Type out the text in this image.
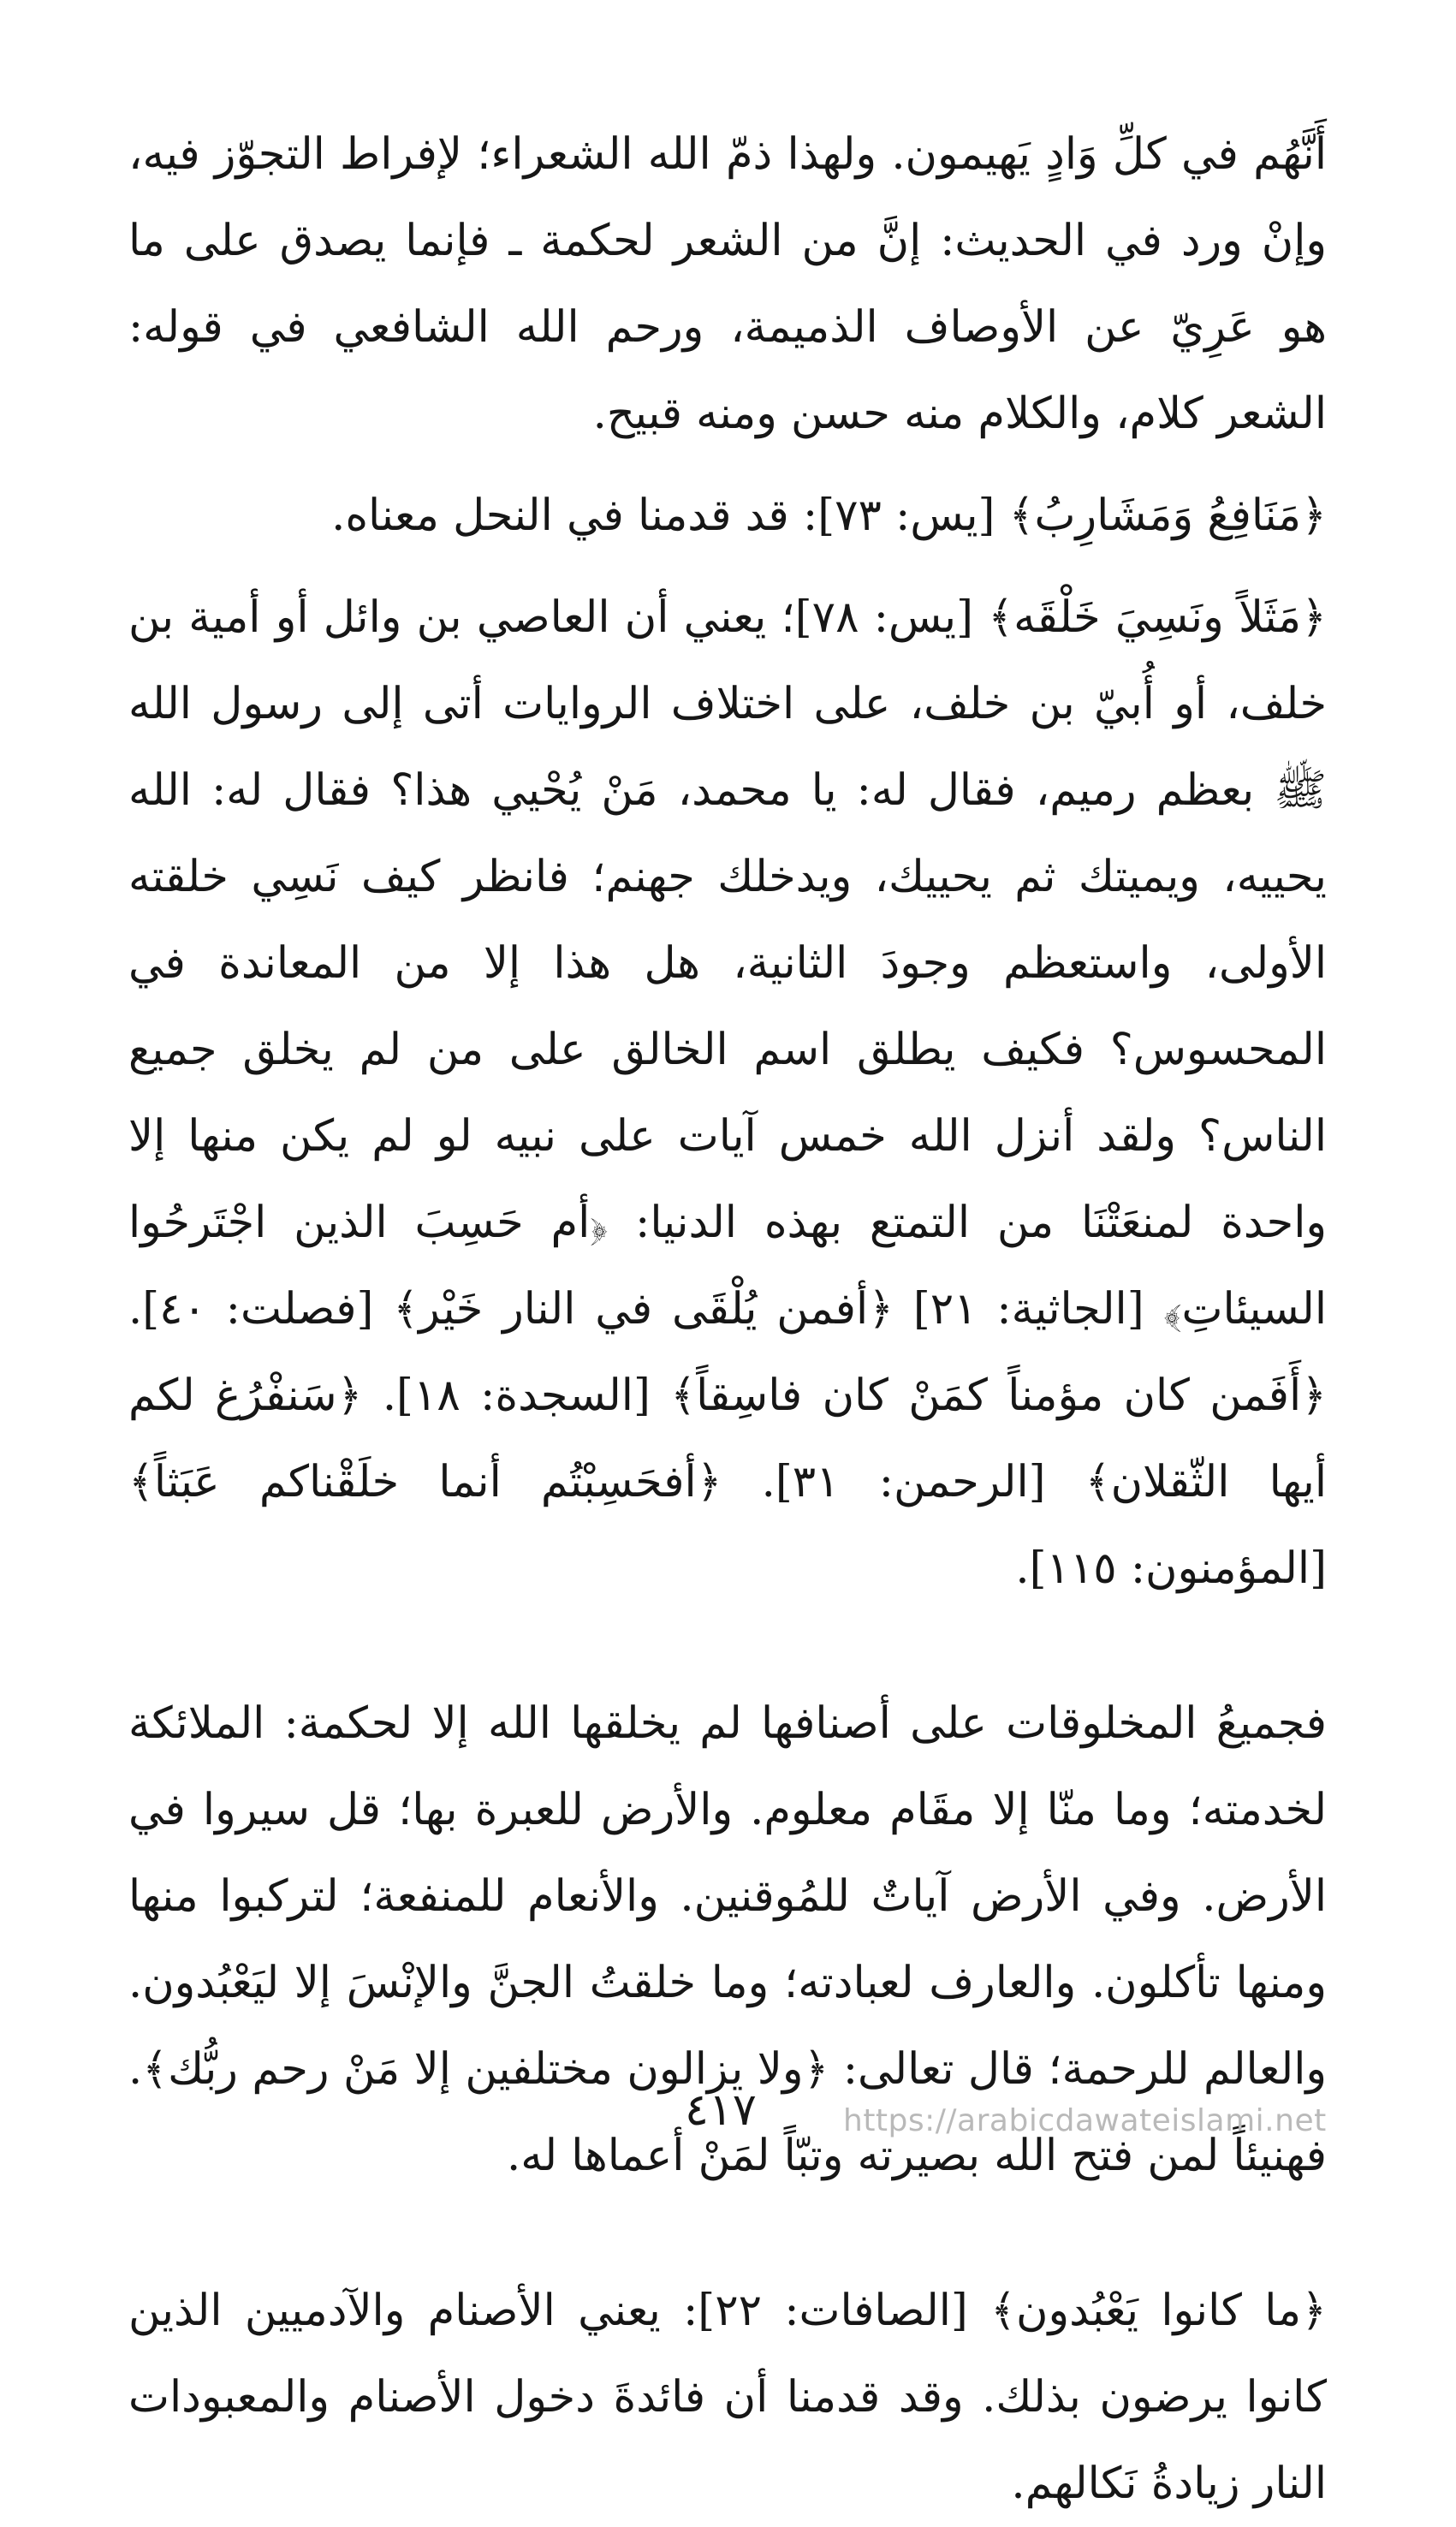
أَنَّهُم في كلِّ وَادٍ يَهيمون. ولهذا ذمّ الله الشعراء؛ لإفراط التجوّز فيه، وإنْ ورد في الحديث: إنَّ من الشعر لحكمة ـ فإنما يصدق على ما هو عَرِيّ عن الأوصاف الذميمة، ورحم الله الشافعي في قوله: الشعر كلام، والكلام منه حسن ومنه قبيح.

﴿مَنَافِعُ وَمَشَارِبُ﴾ [يس: ٧٣]: قد قدمنا في النحل معناه.

﴿مَثَلاً ونَسِيَ خَلْقَه﴾ [يس: ٧٨]؛ يعني أن العاصي بن وائل أو أمية بن خلف، أو أُبيّ بن خلف، على اختلاف الروايات أتى إلى رسول الله ﷺ بعظم رميم، فقال له: يا محمد، مَنْ يُحْيي هذا؟ فقال له: الله يحييه، ويميتك ثم يحييك، ويدخلك جهنم؛ فانظر كيف نَسِي خلقته الأولى، واستعظم وجودَ الثانية، هل هذا إلا من المعاندة في المحسوس؟ فكيف يطلق اسم الخالق على من لم يخلق جميع الناس؟ ولقد أنزل الله خمس آيات على نبيه لو لم يكن منها إلا واحدة لمنعَتْنَا من التمتع بهذه الدنيا: ﴿أم حَسِبَ الذين اجْتَرحُوا السيئاتِ﴾ [الجاثية: ٢١] ﴿أفمن يُلْقَى في النار خَيْر﴾ [فصلت: ٤٠]. ﴿أَفَمن كان مؤمناً كمَنْ كان فاسِقاً﴾ [السجدة: ١٨]. ﴿سَنفْرُغ لكم أيها الثّقلان﴾ [الرحمن: ٣١]. ﴿أفحَسِبْتُم أنما خلَقْناكم عَبَثاً﴾ [المؤمنون: ١١٥].

فجميعُ المخلوقات على أصنافها لم يخلقها الله إلا لحكمة: الملائكة لخدمته؛ وما منّا إلا مقَام معلوم. والأرض للعبرة بها؛ قل سيروا في الأرض. وفي الأرض آياتٌ للمُوقنين. والأنعام للمنفعة؛ لتركبوا منها ومنها تأكلون. والعارف لعبادته؛ وما خلقتُ الجنَّ والإنْسَ إلا ليَعْبُدون. والعالم للرحمة؛ قال تعالى: ﴿ولا يزالون مختلفين إلا مَنْ رحم ربُّك﴾. فهنيئاً لمن فتح الله بصيرته وتبّاً لمَنْ أعماها له.

﴿ما كانوا يَعْبُدون﴾ [الصافات: ٢٢]: يعني الأصنام والآدميين الذين كانوا يرضون بذلك. وقد قدمنا أن فائدةَ دخول الأصنام والمعبودات النار زيادةُ نَكالهم.

٤١٧	https://arabicdawateislami.net
